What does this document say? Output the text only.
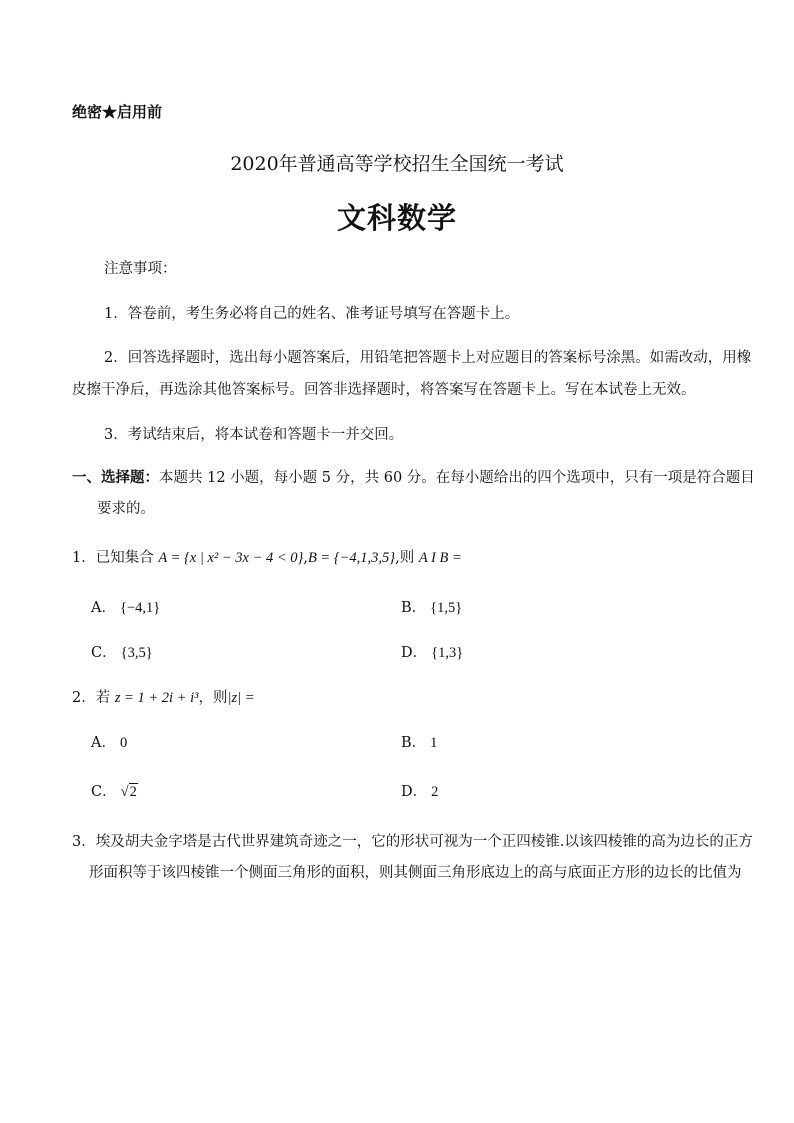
绝密★启用前
2020年普通高等学校招生全国统一考试
文科数学
注意事项：
1．答卷前，考生务必将自己的姓名、准考证号填写在答题卡上。
2．回答选择题时，选出每小题答案后，用铅笔把答题卡上对应题目的答案标号涂黑。如需改动，用橡
皮擦干净后，再选涂其他答案标号。回答非选择题时，将答案写在答题卡上。写在本试卷上无效。
3．考试结束后，将本试卷和答题卡一并交回。
一、选择题：本题共 12 小题，每小题 5 分，共 60 分。在每小题给出的四个选项中，只有一项是符合题目
要求的。
1．已知集合 A = {x | x² − 3x − 4 < 0},B = {−4,1,3,5},则 A I B =
A． {−4,1}	B． {1,5}
C． {3,5}	D． {1,3}
2．若 z = 1 + 2i + i³，则|z| =
A． 0	B． 1
C． √2	D． 2
3．埃及胡夫金字塔是古代世界建筑奇迹之一，它的形状可视为一个正四棱锥.以该四棱锥的高为边长的正方
形面积等于该四棱锥一个侧面三角形的面积，则其侧面三角形底边上的高与底面正方形的边长的比值为
